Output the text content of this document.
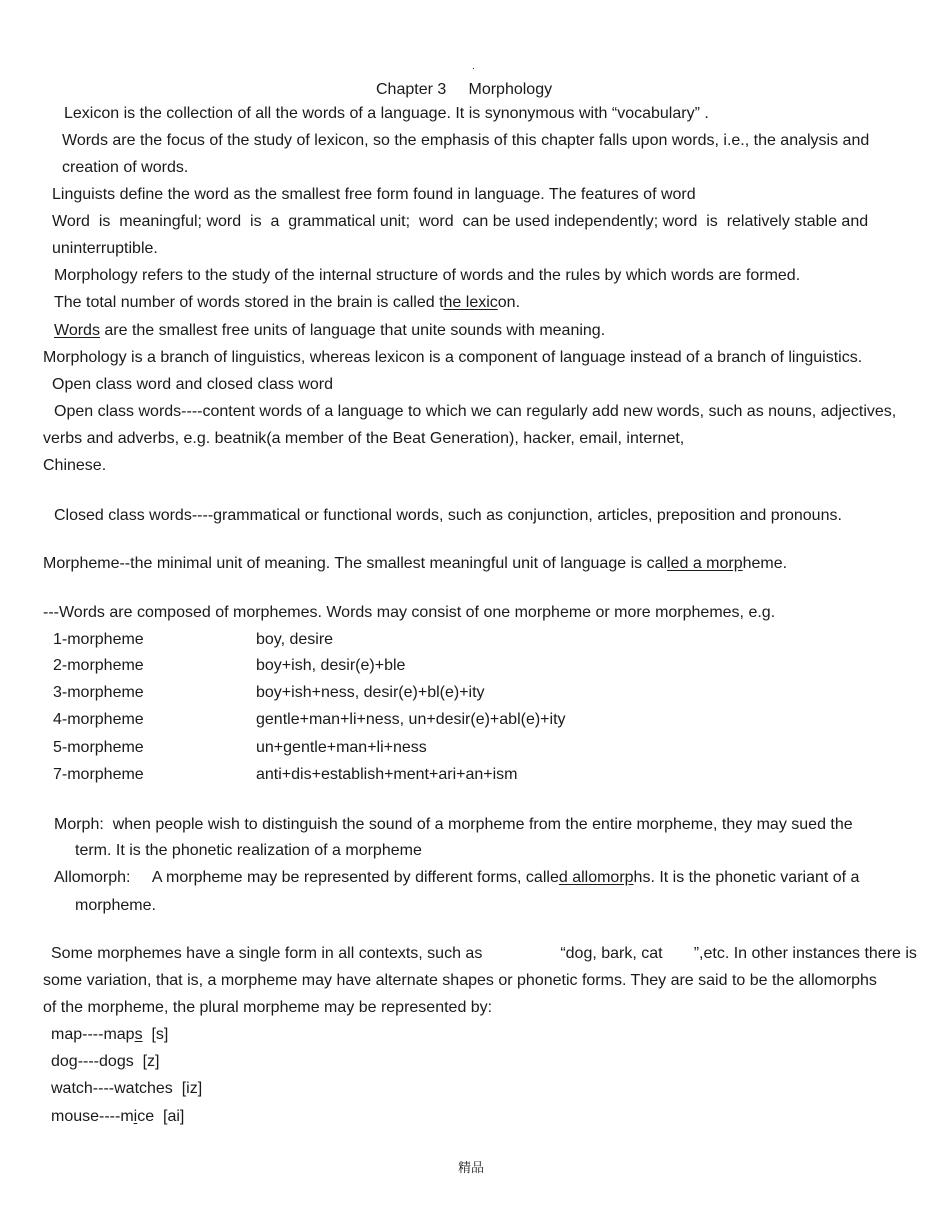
.
Chapter 3     Morphology
Lexicon is the collection of all the words of a language. It is synonymous with “vocabulary” .
Words are the focus of the study of lexicon, so the emphasis of this chapter falls upon words, i.e., the analysis and
creation of words.
Linguists define the word as the smallest free form found in language. The features of word
Word  is  meaningful; word  is  a  grammatical unit;  word  can be used independently; word  is  relatively stable and
uninterruptible.
Morphology refers to the study of the internal structure of words and the rules by which words are formed.
The total number of words stored in the brain is called the lexicon.
Words are the smallest free units of language that unite sounds with meaning.
Morphology is a branch of linguistics, whereas lexicon is a component of language instead of a branch of linguistics.
Open class word and closed class word
Open class words----content words of a language to which we can regularly add new words, such as nouns, adjectives,
verbs and adverbs, e.g. beatnik(a member of the Beat Generation), hacker, email, internet,
Chinese.
Closed class words----grammatical or functional words, such as conjunction, articles, preposition and pronouns.
Morpheme--the minimal unit of meaning. The smallest meaningful unit of language is called a morpheme.
---Words are composed of morphemes. Words may consist of one morpheme or more morphemes, e.g.
1-morpheme	boy, desire
2-morpheme	boy+ish, desir(e)+ble
3-morpheme	boy+ish+ness, desir(e)+bl(e)+ity
4-morpheme	gentle+man+li+ness, un+desir(e)+abl(e)+ity
5-morpheme	un+gentle+man+li+ness
7-morpheme	anti+dis+establish+ment+ari+an+ism
Morph:  when people wish to distinguish the sound of a morpheme from the entire morpheme, they may sued the
term. It is the phonetic realization of a morpheme
Allomorph:     A morpheme may be represented by different forms, called allomorphs. It is the phonetic variant of a
morpheme.
Some morphemes have a single form in all contexts, such as	“dog, bark, cat       ”,etc. In other instances there is
some variation, that is, a morpheme may have alternate shapes or phonetic forms. They are said to be the allomorphs
of the morpheme, the plural morpheme may be represented by:
map----maps  [s]
dog----dogs  [z]
watch----watches  [iz]
mouse----mice  [ai]
精品
